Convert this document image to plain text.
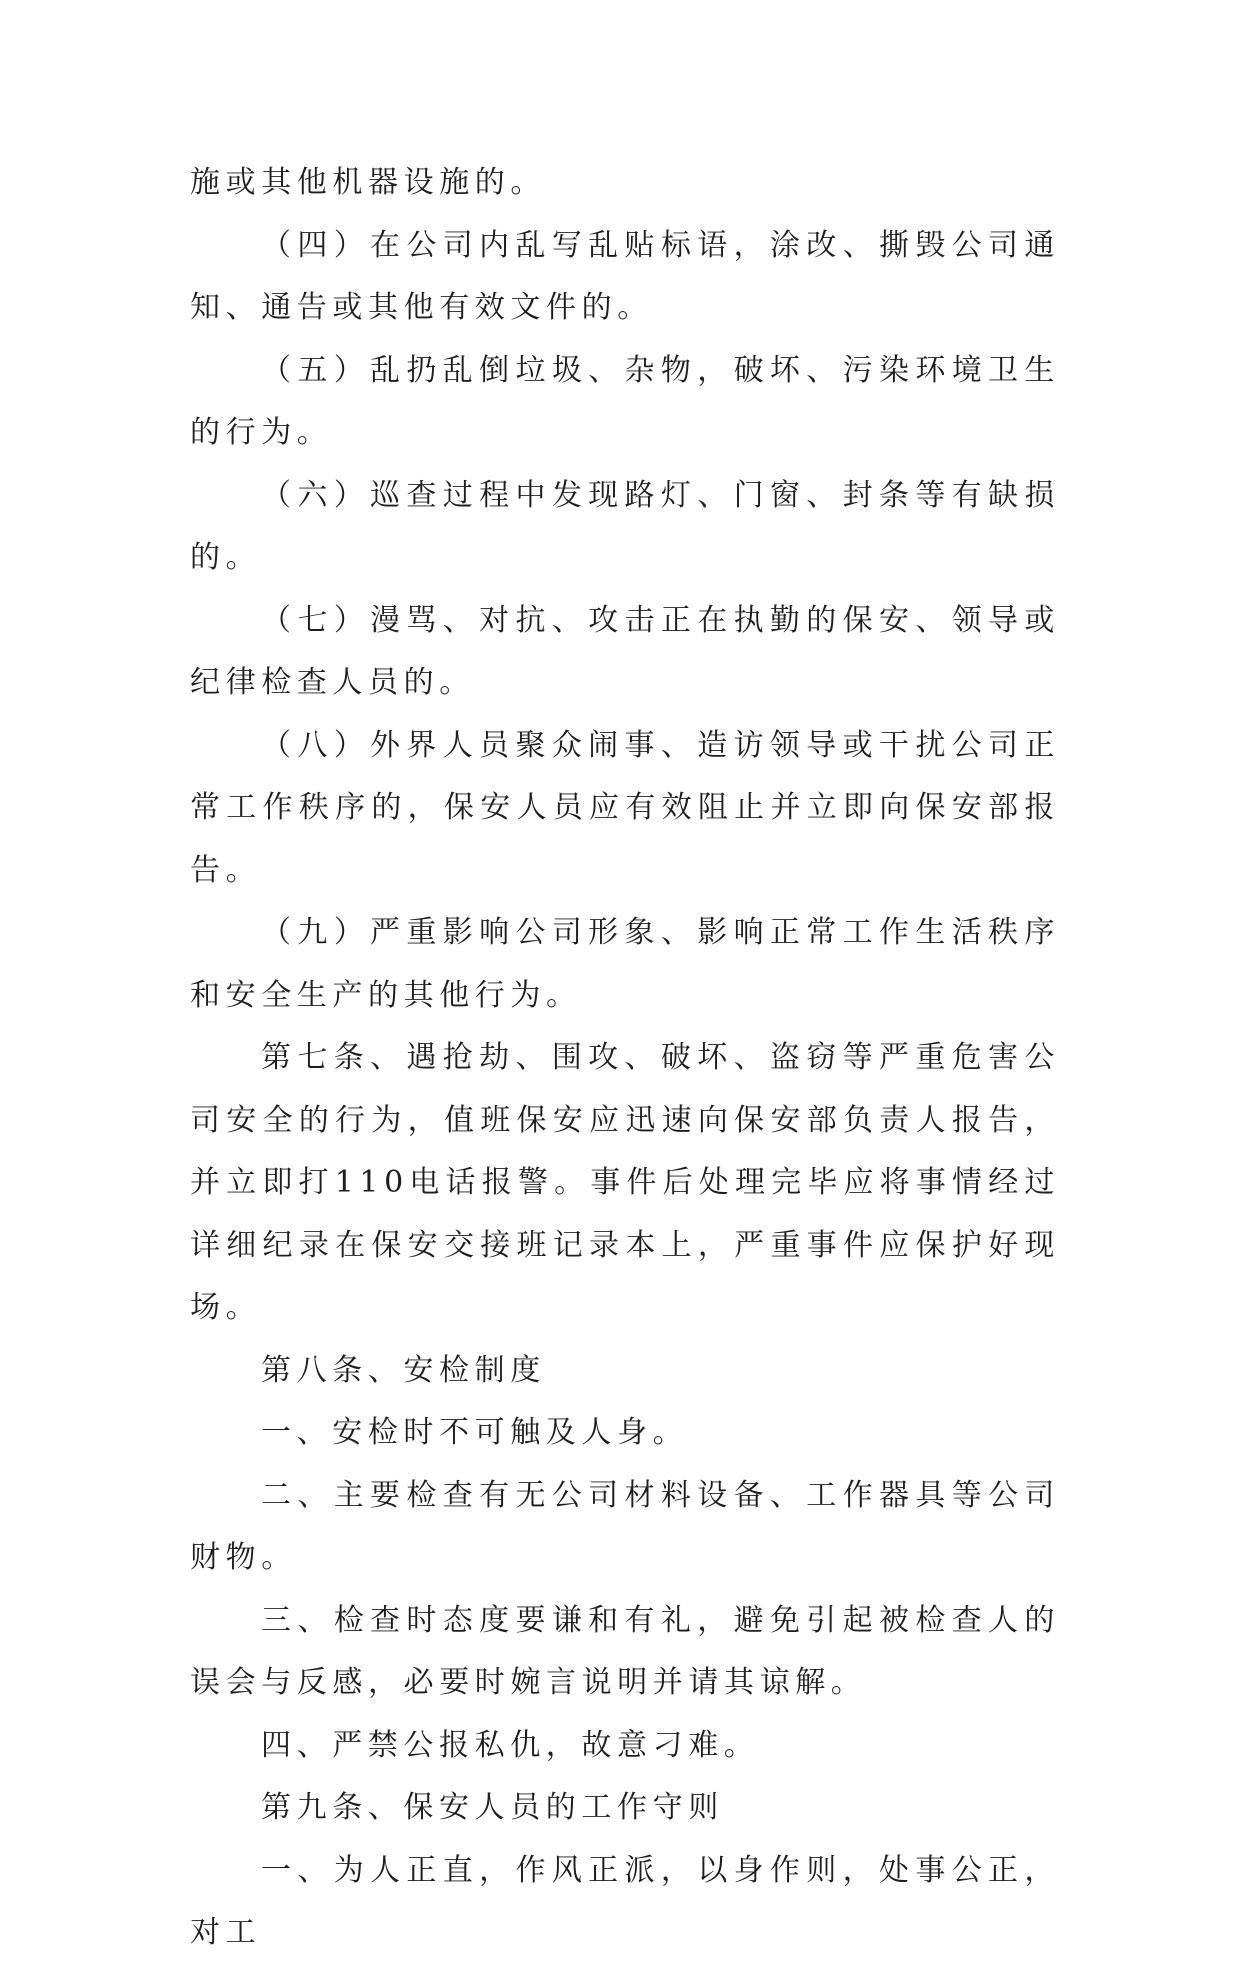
施或其他机器设施的。

（四）在公司内乱写乱贴标语，涂改、撕毁公司通知、通告或其他有效文件的。

（五）乱扔乱倒垃圾、杂物，破坏、污染环境卫生的行为。

（六）巡查过程中发现路灯、门窗、封条等有缺损的。

（七）漫骂、对抗、攻击正在执勤的保安、领导或纪律检查人员的。

（八）外界人员聚众闹事、造访领导或干扰公司正常工作秩序的，保安人员应有效阻止并立即向保安部报告。

（九）严重影响公司形象、影响正常工作生活秩序和安全生产的其他行为。

第七条、遇抢劫、围攻、破坏、盗窃等严重危害公司安全的行为，值班保安应迅速向保安部负责人报告，并立即打110电话报警。事件后处理完毕应将事情经过详细纪录在保安交接班记录本上，严重事件应保护好现场。

第八条、安检制度

一、安检时不可触及人身。

二、主要检查有无公司材料设备、工作器具等公司财物。

三、检查时态度要谦和有礼，避免引起被检查人的误会与反感，必要时婉言说明并请其谅解。

四、严禁公报私仇，故意刁难。

第九条、保安人员的工作守则

一、为人正直，作风正派，以身作则，处事公正，对工
